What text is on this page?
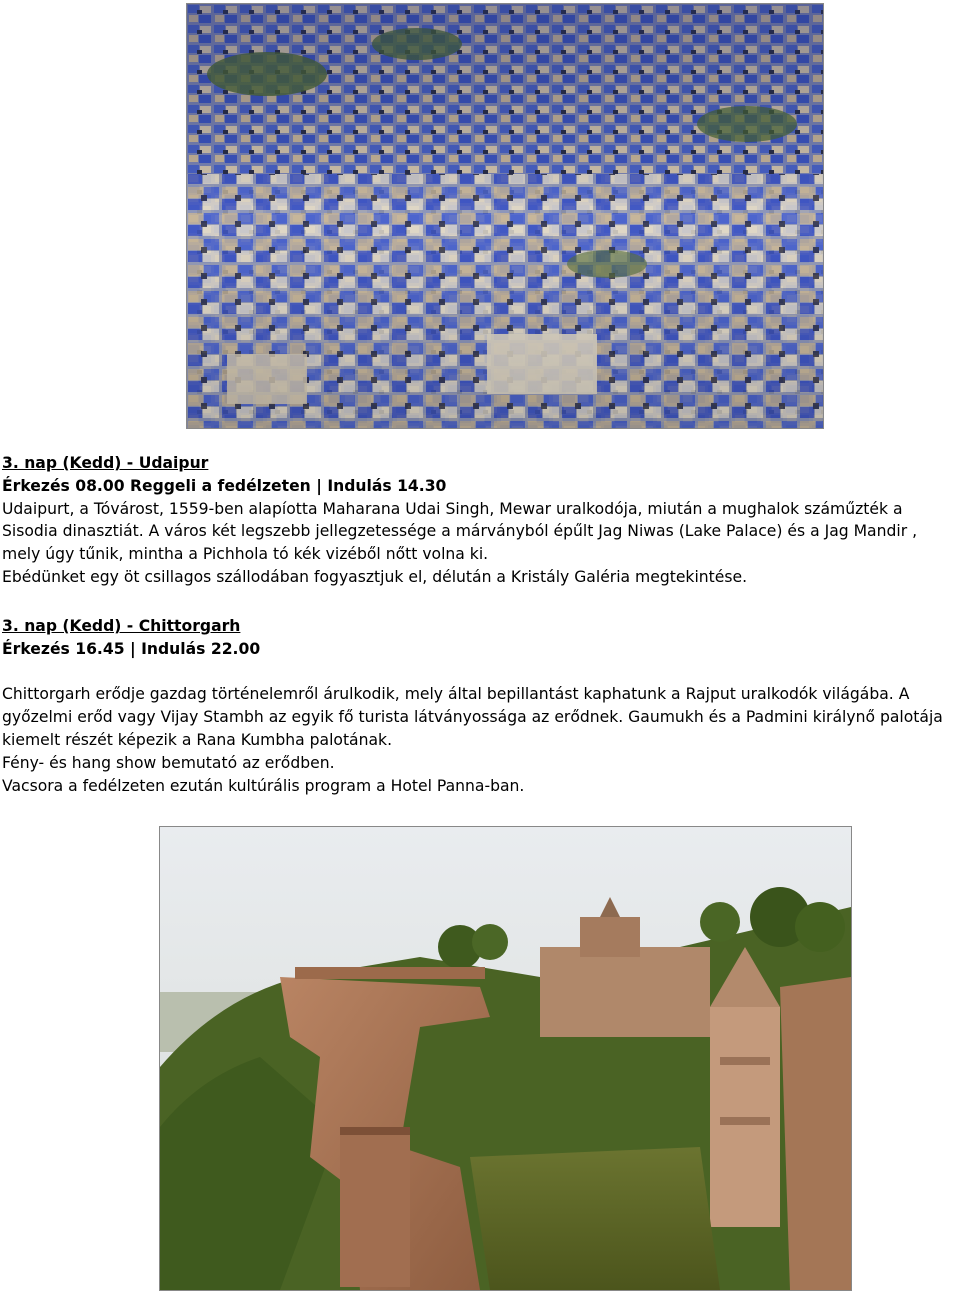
3. nap (Kedd) - Udaipur

Érkezés 08.00 Reggeli a fedélzeten | Indulás 14.30

Udaipurt, a Tóvárost, 1559-ben alapíotta Maharana Udai Singh, Mewar uralkodója, miután a mughalok száműzték a Sisodia dinasztiát. A város két legszebb jellegzetessége a márványból épűlt Jag Niwas (Lake Palace) és a Jag Mandir , mely úgy tűnik, mintha a Pichhola tó kék vizéből nőtt volna ki.

Ebédünket egy öt csillagos szállodában fogyasztjuk el, délután a Kristály Galéria megtekintése.

3. nap (Kedd) - Chittorgarh

Érkezés 16.45 | Indulás 22.00

Chittorgarh erődje gazdag történelemről árulkodik, mely által bepillantást kaphatunk a Rajput uralkodók világába. A győzelmi erőd vagy Vijay Stambh az egyik fő turista látványossága az erődnek. Gaumukh és a Padmini királynő palotája kiemelt részét képezik a Rana Kumbha palotának.

Fény- és hang show bemutató az erődben.

Vacsora a fedélzeten ezután kultúrális program a Hotel Panna-ban.
